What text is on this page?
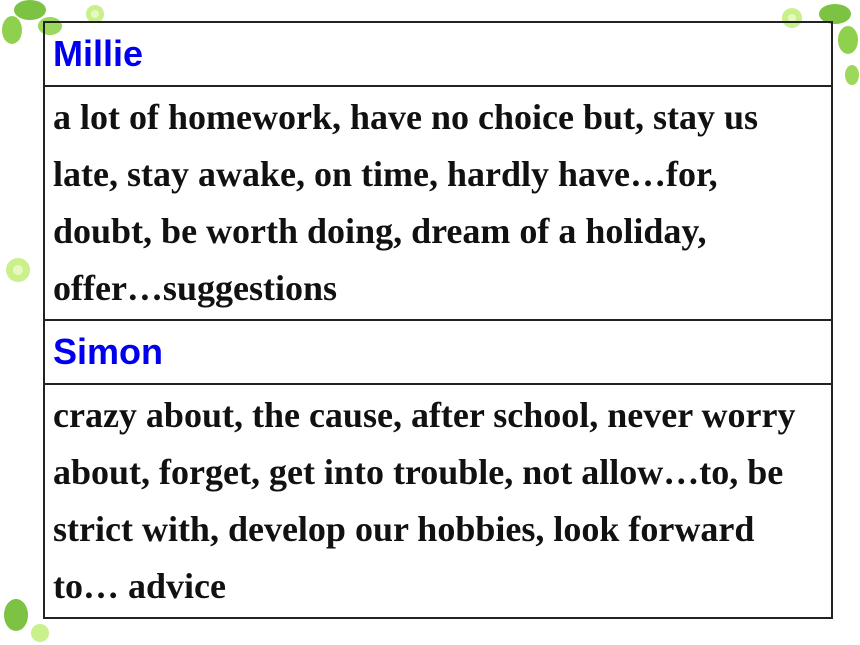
Millie
a lot of homework, have no choice but, stay us late, stay awake, on time, hardly have…for, doubt, be worth doing, dream of a holiday, offer…suggestions
Simon
crazy about, the cause, after school, never worry about, forget, get into trouble, not allow…to, be strict with, develop our hobbies, look forward to… advice
